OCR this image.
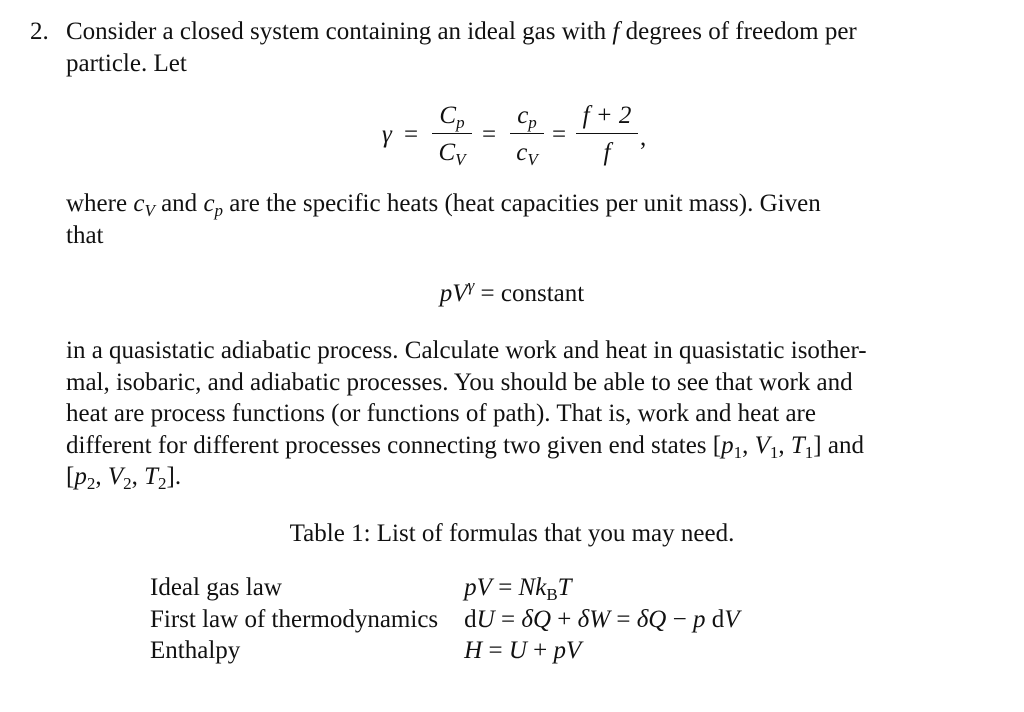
2. Consider a closed system containing an ideal gas with f degrees of freedom per
particle. Let
γ =
$C_p$
$C_V$
=
$c_p$
$c_V$
=
f + 2
f
,
where $c_V$ and $c_p$ are the specific heats (heat capacities per unit mass). Given
that
$pV^\gamma$ = constant
in a quasistatic adiabatic process. Calculate work and heat in quasistatic isother-
mal, isobaric, and adiabatic processes. You should be able to see that work and
heat are process functions (or functions of path). That is, work and heat are
different for different processes connecting two given end states [$p_1$, $V_1$, $T_1$] and
[$p_2$, $V_2$, $T_2$].
Table 1: List of formulas that you may need.
Ideal gas law	pV = $Nk_BT$
First law of thermodynamics	dU = δQ + δW = δQ − p dV
Enthalpy	H = U + pV
